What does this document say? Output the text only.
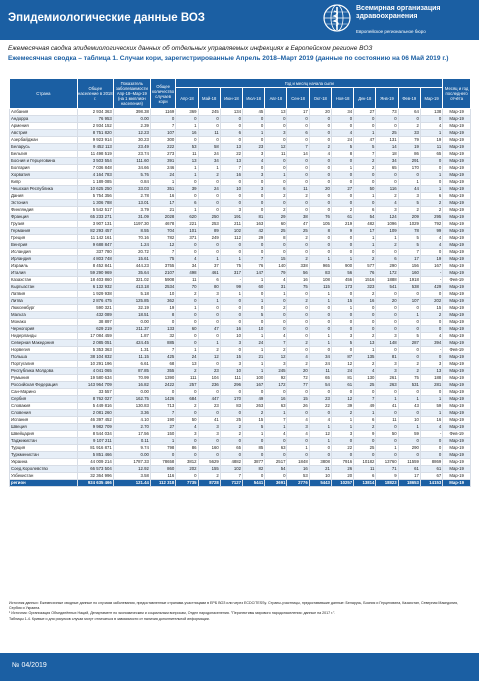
Эпидемиологические данные ВОЗ
Всемирная организация
здравоохранения
Европейское региональное бюро
Ежемесячная сводка эпидемиологических данных об отдельных управляемых инфекциях в Европейском регионе ВОЗ
Ежемесячная сводка – таблица 1. Случаи кори, зарегистрированные Апрель 2018–Март 2019 (данные по состоянию на 06 Май 2019 г.)
Страна	Общее население в 2018 г.	Показатель заболеваемости Апр-18–Мар-19 (на 1 миллион населения)	Общее количество случаев кори	Год и месяц начала сыпи												Месяц и год последнего отчёта
				Апр-18	Май-18	Июн-18	Июл-18	Авг-18	Сен-18	Окт-18	Ноя-18	Дек-18	Янв-19	Фев-19	Мар-19	
Албания	2 934 363	398.38	1169	369	245	134	45	13	17	20	34	27	73	64	138	Мар-19
Андорра	76 953	0.00	0	0	0	0	0	0	0	0	0	0	0	0	0	Мар-19
Армения	2 934 152	2.39	7	1	0	0	0	0	0	0	0	0	0	2	4	Мар-19
Австрия	8 751 820	12.23	107	16	11	6	1	3	6	0	4	1	25	33	1	Мар-19
Азербайджан	9 923 914	30.23	300	0	0	0	0	0	0	0	24	47	131	79	19	Мар-19
Беларусь	9 452 113	23.49	222	53	58	13	23	12	7	2	5	5	14	19	11	Мар-19
Бельгия	11 498 519	23.74	273	11	24	22	3	11	14	4	8	7	18	86	65	Мар-19
Босния и Герцеговина	3 503 554	111.60	391	13	34	13	4	0	0	0	0	2	34	291	0	Мар-19
Болгария	7 036 848	34.66	246	1	1	7	0	0	0	0	1	2	65	170	0	Мар-19
Хорватия	4 164 783	5.76	24	1	2	16	3	1	0	0	0	0	0	0	1	Мар-19
Кипр	1 189 085	0.84	1	0	0	0	0	0	0	0	0	0	0	1	0	Мар-19
Чешская Республика	10 625 250	33.03	351	39	24	10	3	6	11	20	27	50	116	44	1	Мар-19
Дания	5 754 356	2.78	16	0	0	0	0	2	2	0	0	1	2	3	6	Мар-19
Эстония	1 306 788	13.01	17	6	0	0	0	0	0	0	0	0	4	5	2	Мар-19
Финляндия	5 542 517	3.79	21	1	0	3	0	2	0	0	2	6	3	2	2	Мар-19
Франция	65 233 271	31.09	2028	620	250	191	81	29	38	76	61	54	124	209	295	Мар-19
Грузия	3 907 131	1197.30	4678	221	253	211	163	60	47	105	219	482	1096	1029	792	Мар-19
Германия	82 293 457	8.55	704	101	89	102	42	25	25	8	9	17	109	78	99	Мар-19
Греция	11 142 161	70.16	782	371	249	112	29	8	2	0	0	1	1	5	4	Мар-19
Венгрия	9 688 847	1.24	12	0	0	0	0	0	0	0	0	1	2	5	4	Мар-19
Исландия	337 780	20.72	7	0	0	0	0	0	0	0	0	0	0	7	0	Мар-19
Ирландия	4 803 748	15.61	75	4	1	1	7	15	2	1	1	2	6	17	19	Мар-19
Израиль	8 452 841	444.23	3755	34	37	75	76	140	338	965	900	577	290	156	167	Мар-19
Италия	59 290 969	35.64	2107	498	461	317	147	79	56	83	56	76	172	160	-	Мар-19
Казахстан	18 403 860	321.02	5908	11	6	-	1	4	16	108	456	1516	1888	1918	-	Фев-19
Кыргызстан	6 132 932	413.18	2534	70	80	99	60	31	75	115	173	323	541	538	429	Мар-19
Латвия	1 929 938	5.18	10	2	3	1	0	1	0	1	0	2	0	0	0	Мар-19
Литва	2 876 475	125.85	362	0	1	0	1	0	2	1	15	16	20	107	202	Мар-19
Люксембург	590 321	32.19	19	1	0	0	0	2	0	0	1	0	0	0	15	Мар-19
Мальта	432 089	18.51	8	0	0	0	5	0	0	0	0	0	0	1	2	Мар-19
Монако	38 897	0.00	0	0	0	0	0	0	0	0	0	0	0	0	0	Мар-19
Черногория	629 219	211.37	133	60	47	16	10	0	0	0	0	0	0	0	0	Мар-19
Нидерланды	17 084 459	1.87	32	0	0	10	1	4	0	1	3	2	3	5	4	Мар-19
Северная Македония	2 085 051	424.45	885	0	1	3	24	7	2	1	5	13	148	287	394	Мар-19
Норвегия	5 353 363	1.31	7	1	2	0	1	2	0	0	0	1	0	0	-	Фев-19
Польша	38 104 832	11.15	425	24	12	15	21	12	4	34	87	135	81	0	0	Мар-19
Португалия	10 291 196	6.61	68	13	0	3	1	3	2	24	12	2	3	2	3	Мар-19
Республика Молдова	4 041 065	87.85	355	2	23	10	1	245	20	11	24	4	3	2	13	Мар-19
Румыния	19 580 634	70.99	1390	111	104	111	100	92	72	65	81	130	261	75	188	Мар-19
Российская Федерация	143 964 709	16.82	2422	257	236	296	167	172	77	54	61	25	263	531	281	Мар-19
Сан-Марино	33 557	0.00	0	0	0	0	0	0	0	0	0	0	0	0	0	Мар-19
Сербия	8 762 027	162.75	1426	684	447	170	49	16	15	23	12	7	1	1	1	Мар-19
Словакия	5 449 816	130.83	713	2	23	83	263	63	26	22	39	49	41	43	59	Мар-19
Словения	2 081 260	3.36	7	0	0	0	2	1	0	0	2	1	0	0	1	Мар-19
Испания	46 397 452	4.10	190	50	41	25	15	7	4	4	1	6	11	10	16	Мар-19
Швеция	9 982 709	2.70	27	4	3	2	5	1	3	1	1	2	0	1	4	Мар-19
Швейцария	8 544 034	17.56	150	3	3	2	1	4	4	12	3	9	50	59	-	Фев-19
Таджикистан	9 107 211	0.11	1	0	0	0	0	0	0	1	0	0	0	0	0	Мар-19
Турция	81 916 871	9.74	798	86	160	65	85	63	1	0	22	25	1	290	0	Мар-19
Туркменистан	5 851 466	0.00	0	0	0	0	0	0	0	0	0	0	0	0	0	Мар-19
Украина	44 009 214	1787.33	78658	3812	5629	4882	3877	2517	1848	3808	7916	10182	13760	11559	8869	Мар-19
Соед.Королевство	66 573 504	12.92	860	202	155	102	82	54	16	21	26	11	71	61	61	Мар-19
Узбекистан	32 364 996	3.58	116	0	2	7	0	0	53	10	20	6	9	17	67	Мар-19
регион	924 635 466	121.44	112 318	7735	8728	7127	5441	3691	2776	5443	10257	13814	18823	18653	14153	Мар-19

Источник данных: Ежемесячные сводные данные по случаям заболевания, предоставленные странами-участницами в ЕРБ ВОЗ или через ECDC/TESSy. Страны-участницы, предоставившие данные: Беларусь, Босния и Герцеговина, Казахстан, Северная Македония, Сербия и Украина.

¹ Источник: Организация Объединённых Наций, Департамент по экономическим и социальным вопросам, Отдел народонаселения. "Перспективы мирового народонаселения: данные на 2017 г.".

Таблицы 1-4. Кривые и для рисунков случаи могут отличаться в зависимости от наличия дополнительной информации.

№ 04/2019
